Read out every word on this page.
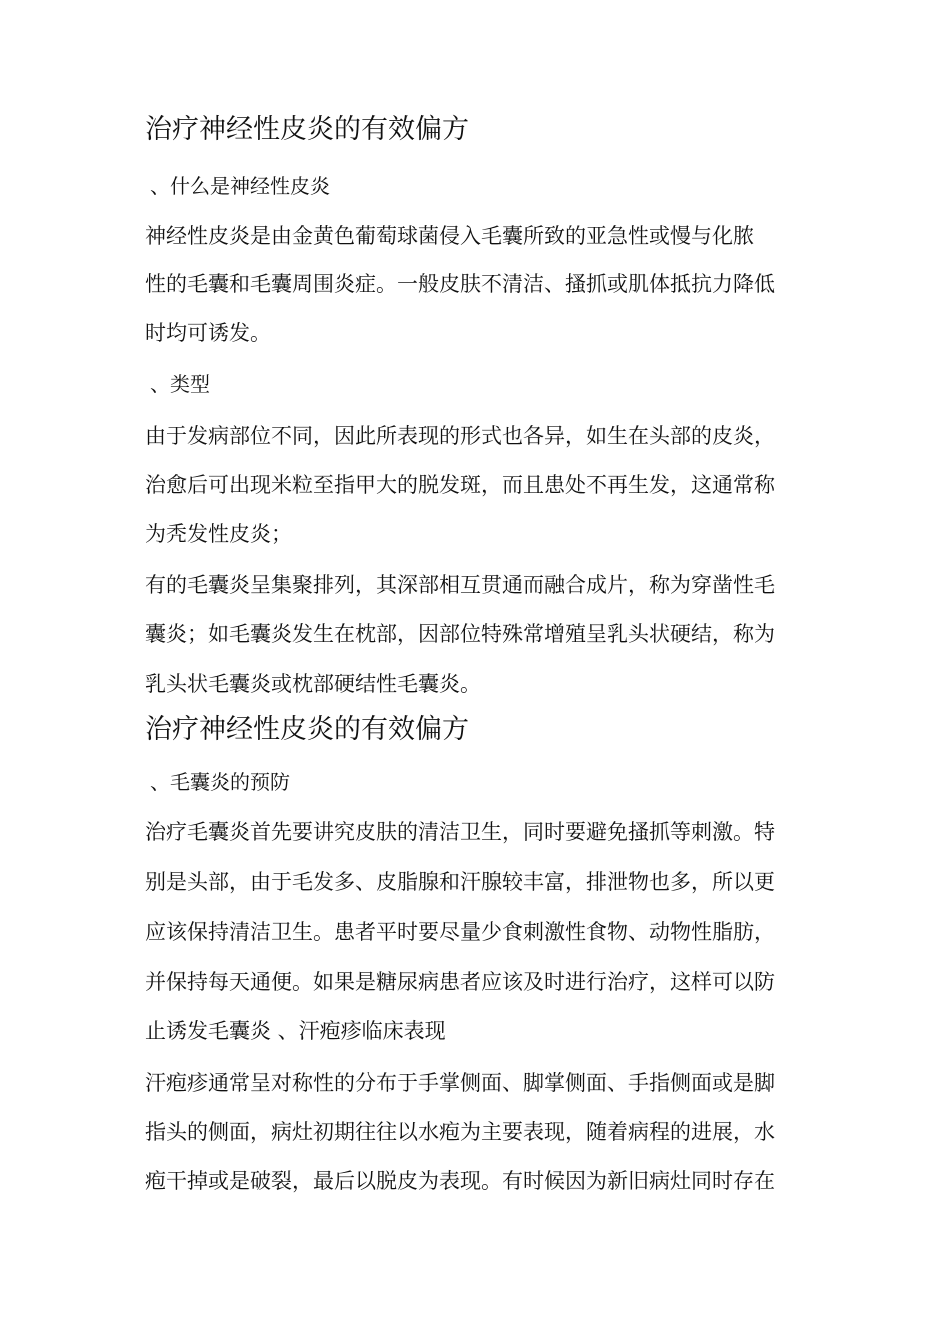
治疗神经性皮炎的有效偏方
、什么是神经性皮炎
神经性皮炎是由金黄色葡萄球菌侵入毛囊所致的亚急性或慢与化脓
性的毛囊和毛囊周围炎症。一般皮肤不清洁、搔抓或肌体抵抗力降低
时均可诱发。
、类型
由于发病部位不同，因此所表现的形式也各异，如生在头部的皮炎，
治愈后可出现米粒至指甲大的脱发斑，而且患处不再生发，这通常称
为秃发性皮炎；
有的毛囊炎呈集聚排列，其深部相互贯通而融合成片，称为穿凿性毛
囊炎；如毛囊炎发生在枕部，因部位特殊常增殖呈乳头状硬结，称为
乳头状毛囊炎或枕部硬结性毛囊炎。
治疗神经性皮炎的有效偏方
、毛囊炎的预防
治疗毛囊炎首先要讲究皮肤的清洁卫生，同时要避免搔抓等刺激。特
别是头部，由于毛发多、皮脂腺和汗腺较丰富，排泄物也多，所以更
应该保持清洁卫生。患者平时要尽量少食刺激性食物、动物性脂肪，
并保持每天通便。如果是糖尿病患者应该及时进行治疗，这样可以防
止诱发毛囊炎 、汗疱疹临床表现
汗疱疹通常呈对称性的分布于手掌侧面、脚掌侧面、手指侧面或是脚
指头的侧面，病灶初期往往以水疱为主要表现，随着病程的进展，水
疱干掉或是破裂，最后以脱皮为表现。有时候因为新旧病灶同时存在
